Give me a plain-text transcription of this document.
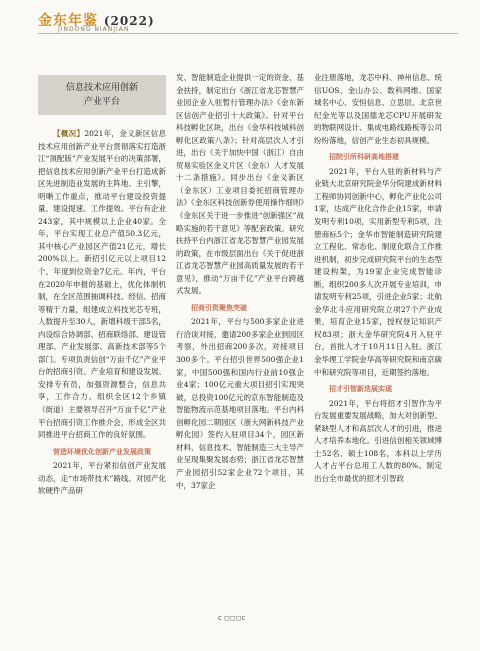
金东年鉴 (2022)
JINDONG NIANJIAN
信息技术应用创新
产业平台

【概况】2021年，金义新区信息技术应用创新产业平台贯彻落实打造浙江“頂配版”产业发展平台的决策部署，把信息技术应用创新产业平台打造成新区先进制造业发展的主阵地、主引擎，明晰工作重点，推动平台建设投资提量、建设提速、工作提效。平台有企业243家，其中规模以上企业40家。全年，平台实现工业总产值50.3亿元，其中核心产业园区产值21亿元，增长200%以上。新招引亿元以上项目12个，年度到位资金7亿元。年内，平台在2020年申报的基础上，优化体制机制，在全区范围抽调科技、经信、招商等精干力量，组建成立科技光芯专班，人数提升至30人，新增科级干部5名，内设综合协调部、招商联络部、建设管理部、产业发展部、高新技术部等5个部门。专项负责信创“万亩千亿”产业平台的招商引资、产业培育和建设发展、安排专有员，加强资源整合，信息共享，工作合力。组织全区12个乡镇（街道）主要领导召开“万亩千亿”产业平台招商引资工作推介会，形成全区共同推进平台招商工作的良好氛围。

营造环境优化创新产业发展政策

2021年，平台紧扣信创产业发展动态，走“市场带技术”路线。对园产化软硬件产品研

发、智能制造企业提供一定的资金、基金扶持，制定出台《浙江省龙芯智慧产业园企业入驻暂行管理办法》《金东新区信创产业招引十大政策》。针对平台科技孵化区块，出台《金华科技城科创孵化区政策八条》；针对高层次人才引进，出台《关于加快中国（浙江）自由贸易实验区金义片区（金东）人才发展十二条措施》。同步出台《金义新区（金东区）工业项目委托招商管理办法》《金东区科技创新券使用操作细则》《金东区关于进一步推进“创新强区”战略实施的若干意见》等配套政策。研究扶持平台内浙江省龙芯智慧产业园发展的政策，在市级层面出台《关于促进浙江省龙芯智慧产业园高质量发展的若干意见》，推动“万亩千亿”产业平台跨越式发展。

招商引资聚焦突破

2021年，平台与500多家企业进行洽谈对接，邀请200多家企业到园区考察，外出招商200多次，对接项目300多个。平台招引世界500强企业1家，中国500强和国内行业前10强企业4家；100亿元重大项目招引实现突破，总投资100亿元的京东智能制造及智能物流示范基地项目落地。平台内科创孵化园二期园区（浙大网新科技产业孵化园）签约入驻项目34个，园区新材料、信息技术、智能制造三大主导产业呈现集聚发展态势；浙江省龙芯智慧产业园招引52家企业72个项目，其中，37家企

业注册落地，龙芯中科、神州信息、统信UOS、金山办公、数科网维、国家城名中心、安恒信息、立思辰、北京世纪金光等以及国德龙芯CPU开展研发的物联网设计、集成电路线路板等公司纷纷落地，信创产业生态初具规模。

招院引所科研高地搭建

2021年，平台入驻的新材料与产业链大北京研究院金华分院建成新材料工程师协同创新中心，孵化产业化公司1家，达成产业化合作企业15家，申请发明专利10项，实用新型专利5项，注册商标5个；金华市智能制造研究院建立工程化、常态化、制度化联合工作推进机制，初步完成研究院平台的生态型建设构架，为19家企业完成智能诊断，组织200多人次开展专业培训，申请发明专利25项，引进企业5家；北航金华北斗应用研究院立项27个产业成果，培育企业15家，授权登记知识产权83项；浙大金华研究院4月入驻平台，首批人才于10月11日入驻。浙江金华理工学院金华高等研究院和南京碳中和研究院等项目，近期签约落地。

招才引智新迭展实现

2021年，平台将招才引智作为平台发展重要发展战略，加大对创新型、紧缺型人才和高层次人才的引进，推进人才培养本地化。引进信创相关领域博士52名、硕士108名，本科以上学历人才占平台总用工人数的80%。制定出台全市最优的招才引智政

c ◻◻◻c
